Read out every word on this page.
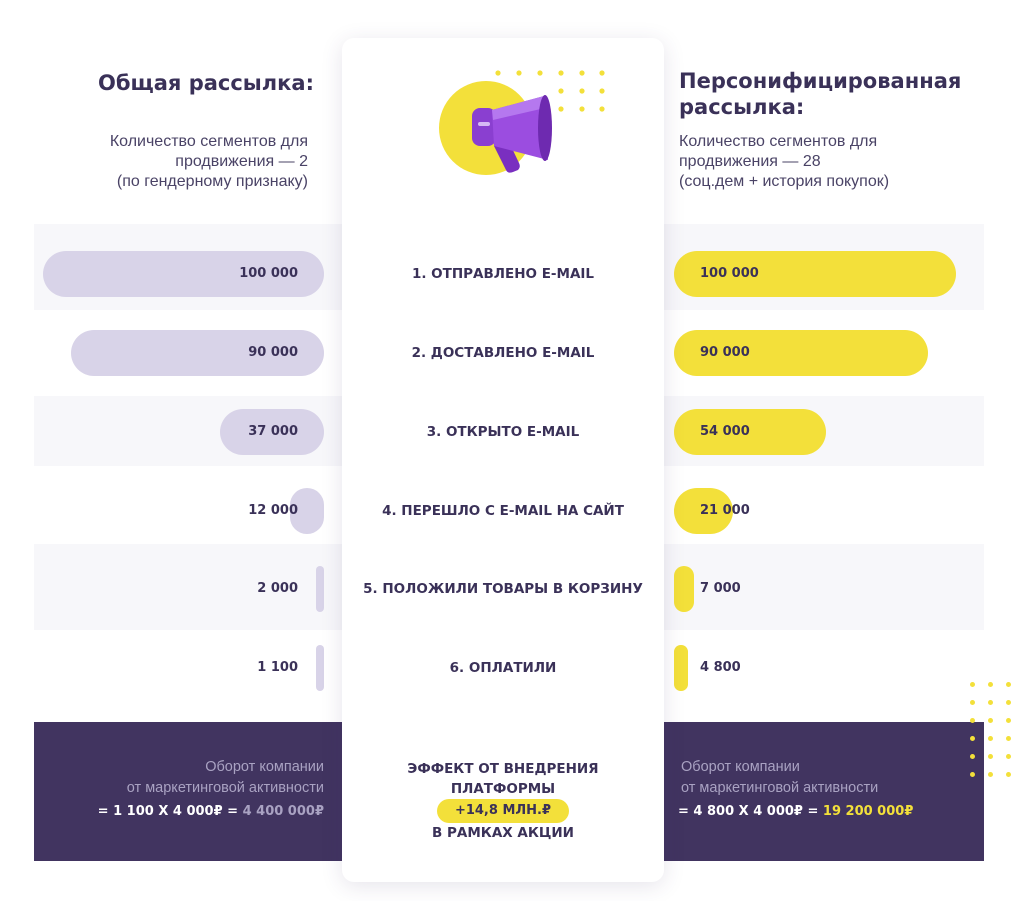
Общая рассылка:
Количество сегментов для
продвижения — 2
(по гендерному признаку)
Персонифицированная
рассылка:
Количество сегментов для
продвижения — 28
(соц.дем + история покупок)
Оборот компании
от маркетинговой активности
= 1 100 Х 4 000₽ = 4 400 000₽
Оборот компании
от маркетинговой активности
= 4 800 Х 4 000₽ = 19 200 000₽
1. ОТПРАВЛЕНО E-MAIL
2. ДОСТАВЛЕНО E-MAIL
3. ОТКРЫТО E-MAIL
4. ПЕРЕШЛО С E-MAIL НА САЙТ
5. ПОЛОЖИЛИ ТОВАРЫ В КОРЗИНУ
6. ОПЛАТИЛИ
ЭФФЕКТ ОТ ВНЕДРЕНИЯ
ПЛАТФОРМЫ
+14,8 МЛН.₽
В РАМКАХ АКЦИИ
100 000
90 000
37 000
12 000
2 000
1 100
100 000
90 000
54 000
21 000
7 000
4 800
